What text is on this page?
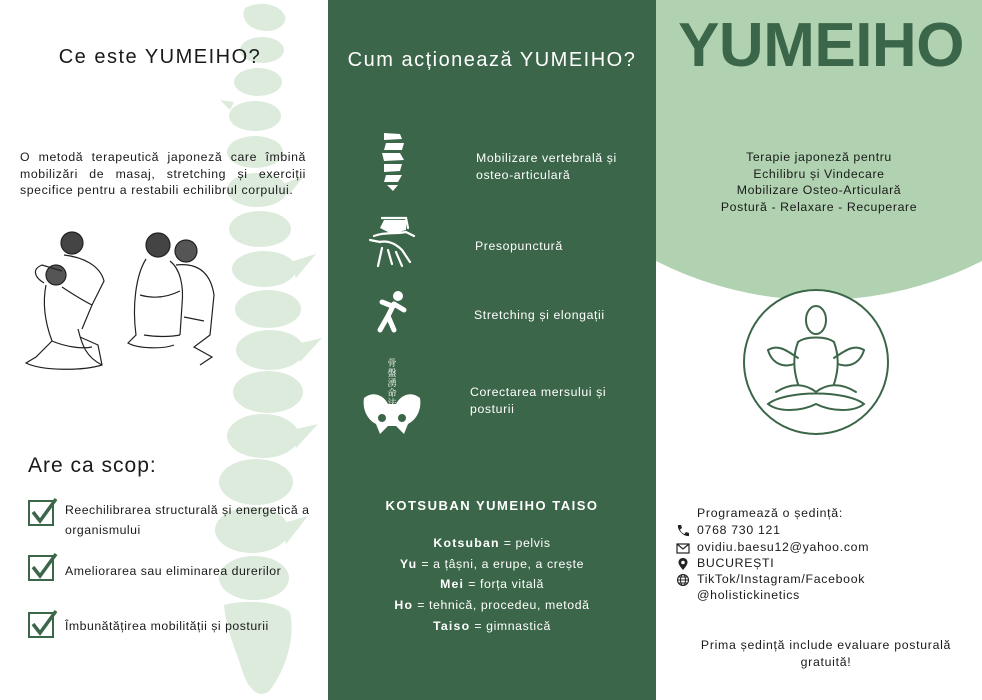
Ce este YUMEIHO?
O metodă terapeutică japoneză care îmbină mobilizări de masaj, stretching și exerciții specifice pentru a restabili echilibrul corpului.
Are ca scop:
Reechilibrarea structurală și energetică a organismului
Ameliorarea sau eliminarea durerilor
Îmbunătățirea mobilității și posturii
Cum acționează YUMEIHO?
Mobilizare vertebrală și osteo-articulară
Presopunctură
Stretching și elongații
骨
盤
湧
命	Corectarea mersului și posturii
KOTSUBAN YUMEIHO TAISO
Kotsuban = pelvis
Yu = a țâșni, a erupe, a crește
Mei = forța vitală
Ho = tehnică, procedeu, metodă
Taiso = gimnastică
YUMEIHO
Terapie japoneză pentru
Echilibru și Vindecare
Mobilizare Osteo-Articulară
Postură - Relaxare - Recuperare
Programează o ședință:
0768 730 121
ovidiu.baesu12@yahoo.com
BUCUREȘTI
TikTok/Instagram/Facebook
@holistickinetics
Prima ședință include evaluare posturală gratuită!
